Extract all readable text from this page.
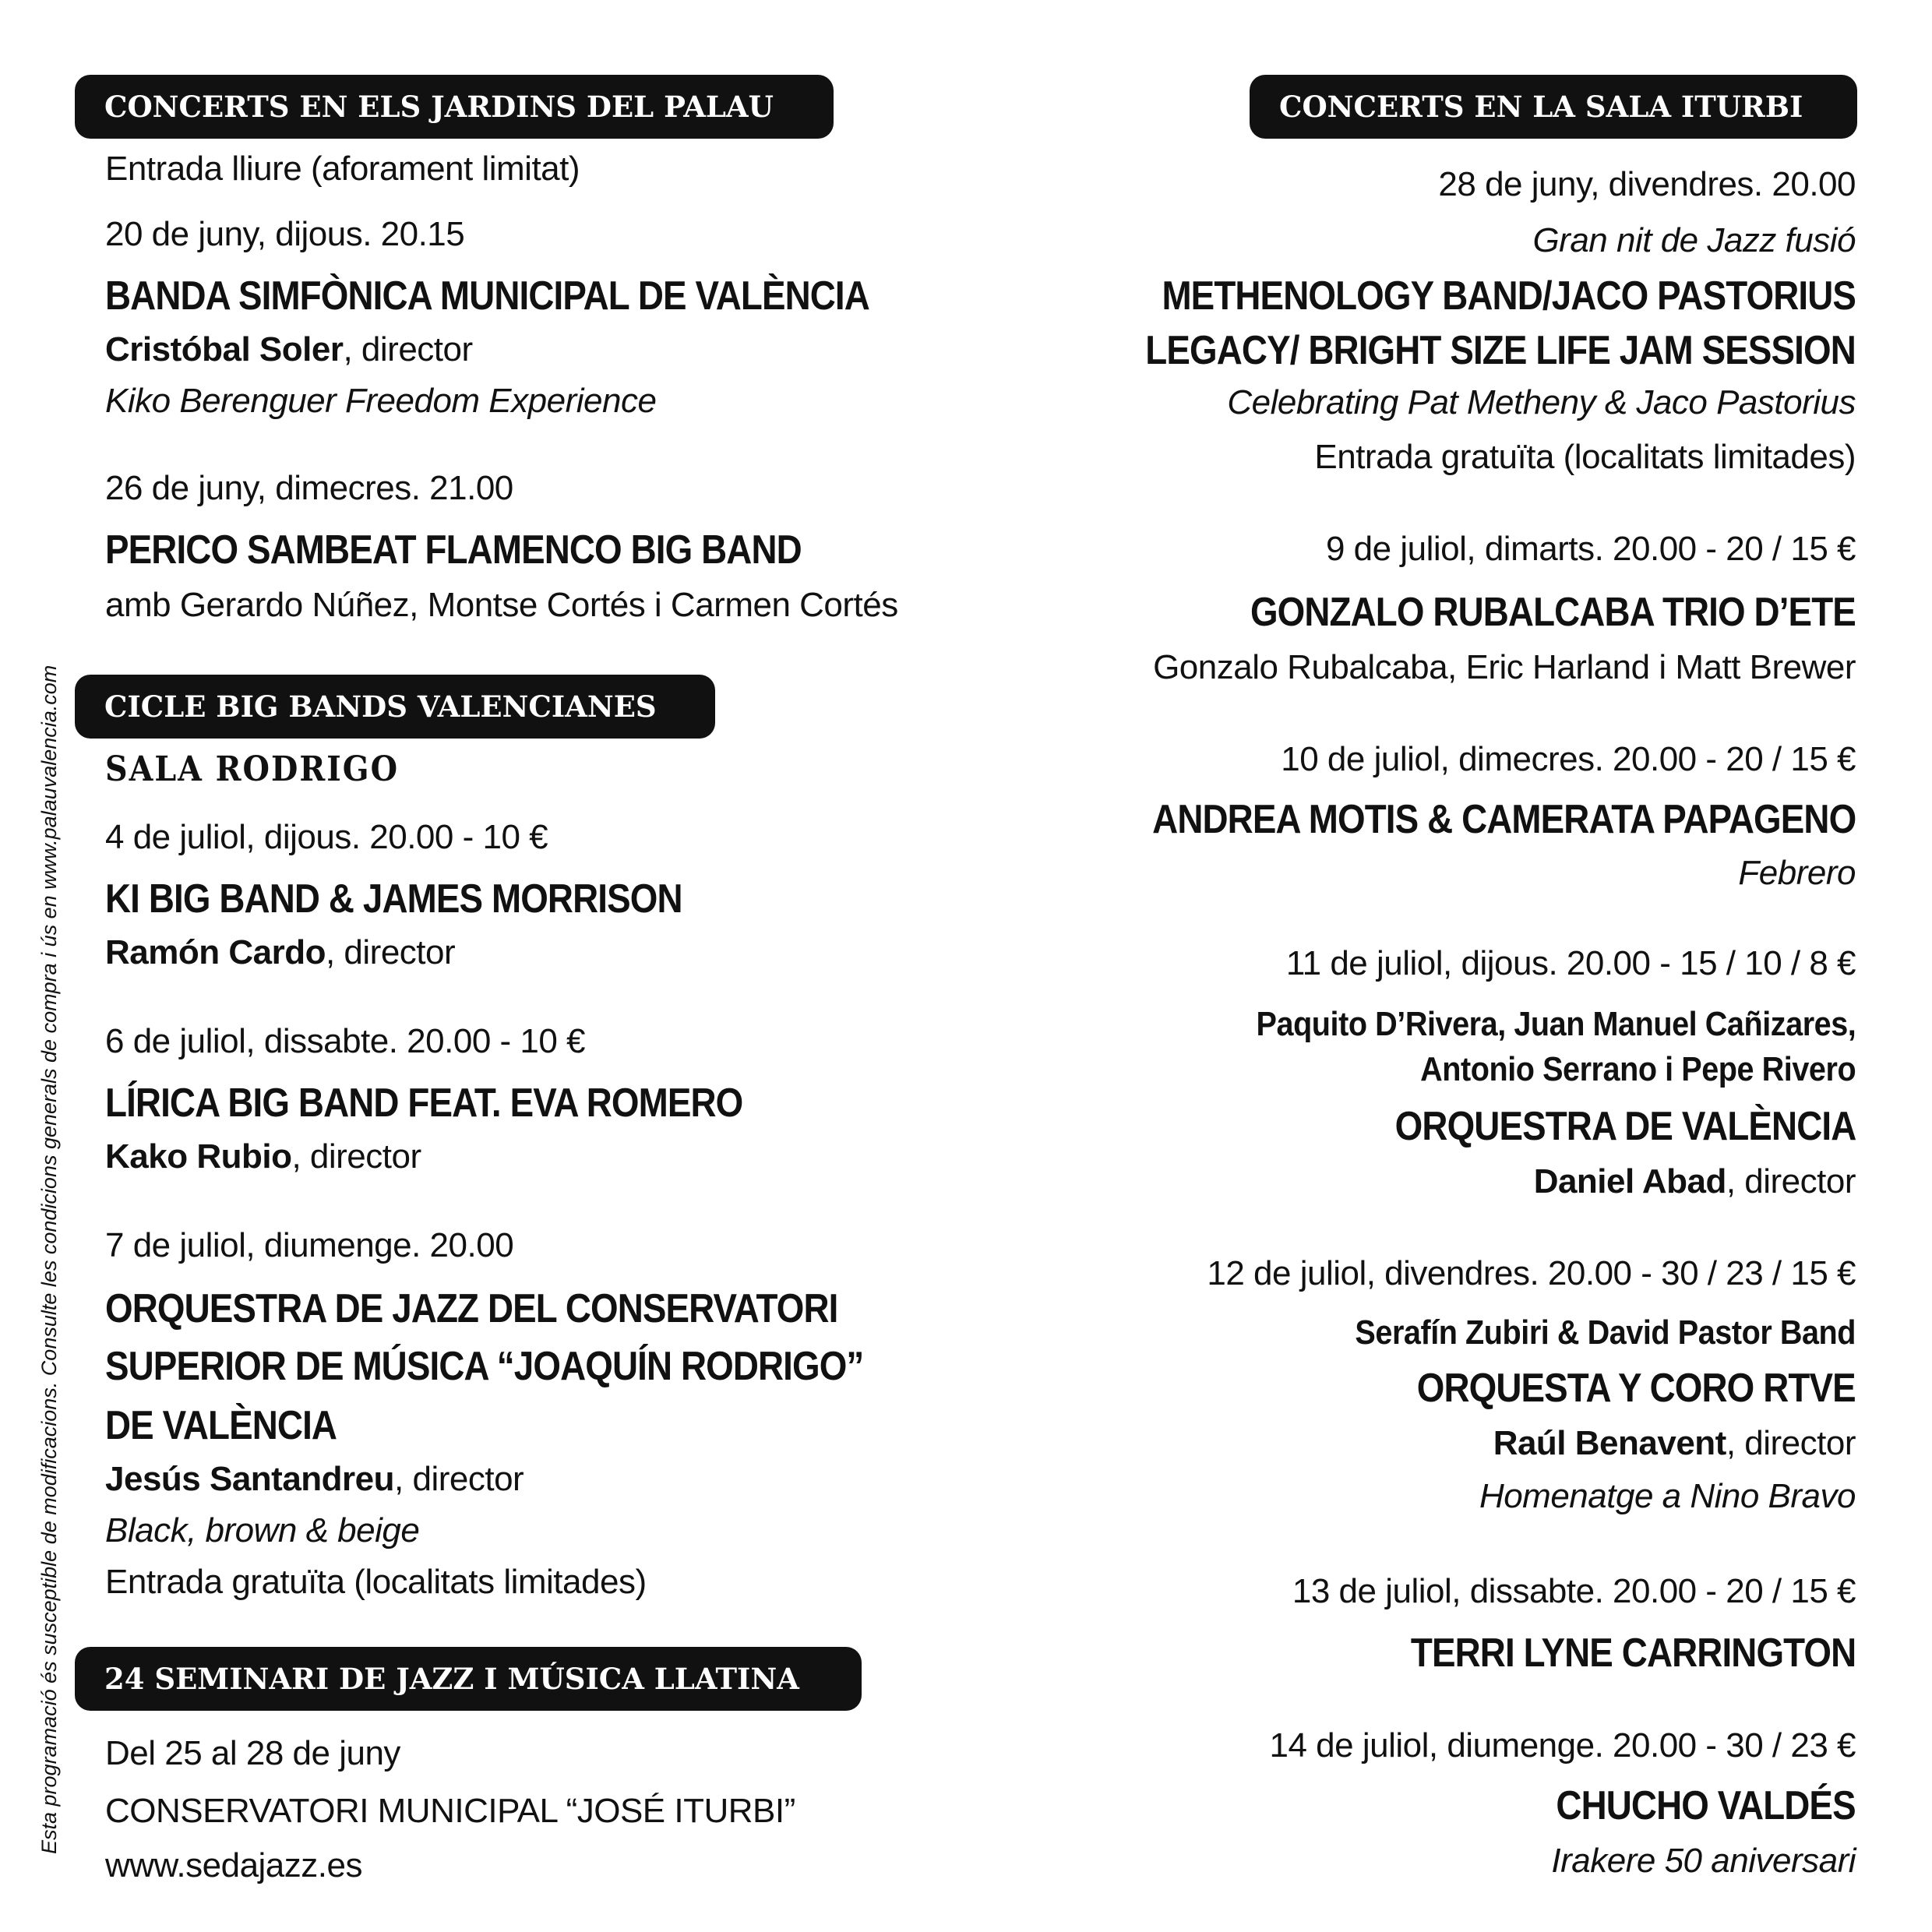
CONCERTS EN ELS JARDINS DEL PALAU
Entrada lliure (aforament limitat)
20 de juny, dijous. 20.15
BANDA SIMFÒNICA MUNICIPAL DE VALÈNCIA
Cristóbal Soler, director
Kiko Berenguer Freedom Experience
26 de juny, dimecres. 21.00
PERICO SAMBEAT FLAMENCO BIG BAND
amb Gerardo Núñez, Montse Cortés i Carmen Cortés
CICLE BIG BANDS VALENCIANES
SALA RODRIGO
4 de juliol, dijous. 20.00 - 10 €
KI BIG BAND & JAMES MORRISON
Ramón Cardo, director
6 de juliol, dissabte. 20.00 - 10 €
LÍRICA BIG BAND FEAT. EVA ROMERO
Kako Rubio, director
7 de juliol, diumenge. 20.00
ORQUESTRA DE JAZZ DEL CONSERVATORI
SUPERIOR DE MÚSICA “JOAQUÍN RODRIGO”
DE VALÈNCIA
Jesús Santandreu, director
Black, brown & beige
Entrada gratuïta (localitats limitades)
24 SEMINARI DE JAZZ I MÚSICA LLATINA
Del 25 al 28 de juny
CONSERVATORI MUNICIPAL “JOSÉ ITURBI”
www.sedajazz.es
Esta programació és susceptible de modificacions. Consulte les condicions generals de compra i ús en www.palauvalencia.com
CONCERTS EN LA SALA ITURBI
28 de juny, divendres. 20.00
Gran nit de Jazz fusió
METHENOLOGY BAND/JACO PASTORIUS
LEGACY/ BRIGHT SIZE LIFE JAM SESSION
Celebrating Pat Metheny & Jaco Pastorius
Entrada gratuïta (localitats limitades)
9 de juliol, dimarts. 20.00 - 20 / 15 €
GONZALO RUBALCABA TRIO D’ETE
Gonzalo Rubalcaba, Eric Harland i Matt Brewer
10 de juliol, dimecres. 20.00 - 20 / 15 €
ANDREA MOTIS & CAMERATA PAPAGENO
Febrero
11 de juliol, dijous. 20.00 - 15 / 10 / 8 €
Paquito D’Rivera, Juan Manuel Cañizares,
Antonio Serrano i Pepe Rivero
ORQUESTRA DE VALÈNCIA
Daniel Abad, director
12 de juliol, divendres. 20.00 - 30 / 23 / 15 €
Serafín Zubiri & David Pastor Band
ORQUESTA Y CORO RTVE
Raúl Benavent, director
Homenatge a Nino Bravo
13 de juliol, dissabte. 20.00 - 20 / 15 €
TERRI LYNE CARRINGTON
14 de juliol, diumenge. 20.00 - 30 / 23 €
CHUCHO VALDÉS
Irakere 50 aniversari
